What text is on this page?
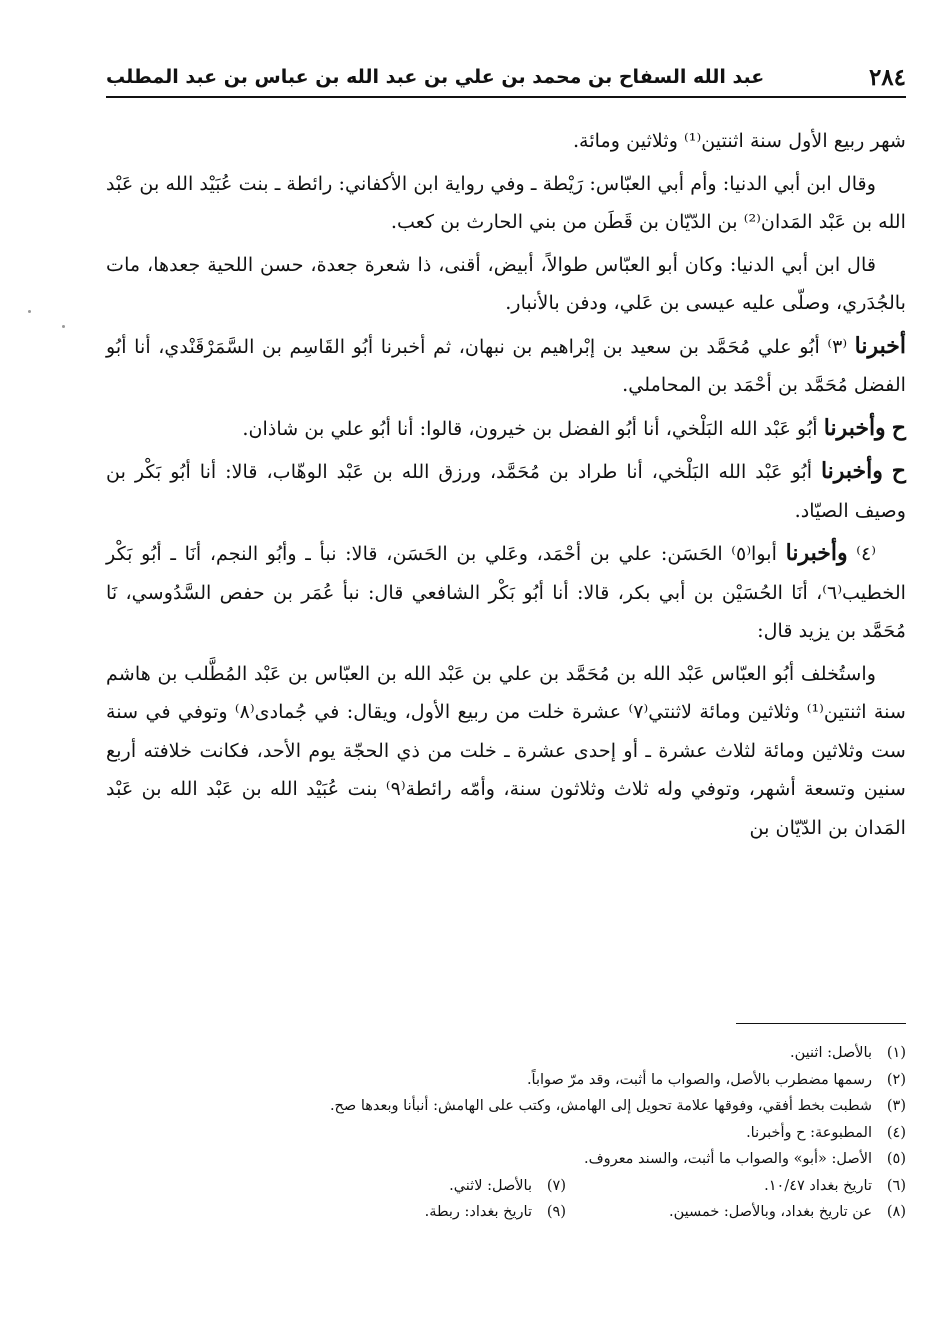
٢٨٤
عبد الله السفاح بن محمد بن علي بن عبد الله بن عباس بن عبد المطلب

شهر ربيع الأول سنة اثنتين⁽¹⁾ وثلاثين ومائة.

وقال ابن أبي الدنيا: وأم أبي العبّاس: رَيْطة ـ وفي رواية ابن الأكفاني: رائطة ـ بنت عُبَيْد الله بن عَبْد الله بن عَبْد المَدان⁽²⁾ بن الدّيّان بن قَطَن من بني الحارث بن كعب.

قال ابن أبي الدنيا: وكان أبو العبّاس طوالاً، أبيض، أقنى، ذا شعرة جعدة، حسن اللحية جعدها، مات بالجُدَري، وصلّى عليه عيسى بن عَلي، ودفن بالأنبار.

أخبرنا ⁽٣⁾ أبُو علي مُحَمَّد بن سعيد بن إبْراهيم بن نبهان، ثم أخبرنا أبُو القَاسِم بن السَّمَرْقَنْدي، أنا أبُو الفضل مُحَمَّد بن أحْمَد بن المحاملي.

ح وأخبرنا أبُو عَبْد الله البَلْخي، أنا أبُو الفضل بن خيرون، قالوا: أنا أبُو علي بن شاذان.

ح وأخبرنا أبُو عَبْد الله البَلْخي، أنا طراد بن مُحَمَّد، ورزق الله بن عَبْد الوهّاب، قالا: أنا أبُو بَكْر بن وصيف الصيّاد.

⁽٤⁾ وأخبرنا أبوا⁽٥⁾ الحَسَن: علي بن أحْمَد، وعَلي بن الحَسَن، قالا: نبأ ـ وأبُو النجم، أنَا ـ أبُو بَكْر الخطيب⁽٦⁾، أنَا الحُسَيْن بن أبي بكر، قالا: أنا أبُو بَكْر الشافعي قال: نبأ عُمَر بن حفص السَّدُوسي، نَا مُحَمَّد بن يزيد قال:

واستُخلف أبُو العبّاس عَبْد الله بن مُحَمَّد بن علي بن عَبْد الله بن العبّاس بن عَبْد المُطَّلب بن هاشم سنة اثنتين⁽¹⁾ وثلاثين ومائة لاثنتي⁽٧⁾ عشرة خلت من ربيع الأول، ويقال: في جُمادى⁽٨⁾ وتوفي في سنة ست وثلاثين ومائة لثلاث عشرة ـ أو إحدى عشرة ـ خلت من ذي الحجّة يوم الأحد، فكانت خلافته أربع سنين وتسعة أشهر، وتوفي وله ثلاث وثلاثون سنة، وأمّه رائطة⁽٩⁾ بنت عُبَيْد الله بن عَبْد الله بن عَبْد المَدان بن الدّيّان بن

(١)بالأصل: اثنين.
(٢)رسمها مضطرب بالأصل، والصواب ما أثبت، وقد مرّ صواباً.
(٣)شطبت بخط أفقي، وفوقها علامة تحويل إلى الهامش، وكتب على الهامش: أنبأنا وبعدها صح.
(٤)المطبوعة: ح وأخبرنا.
(٥)الأصل: «أبو» والصواب ما أثبت، والسند معروف.
(٦)تاريخ بغداد ١٠/٤٧.
(٧)بالأصل: لاثني.
(٨)عن تاريخ بغداد، وبالأصل: خمسين.
(٩)تاريخ بغداد: ربطة.
